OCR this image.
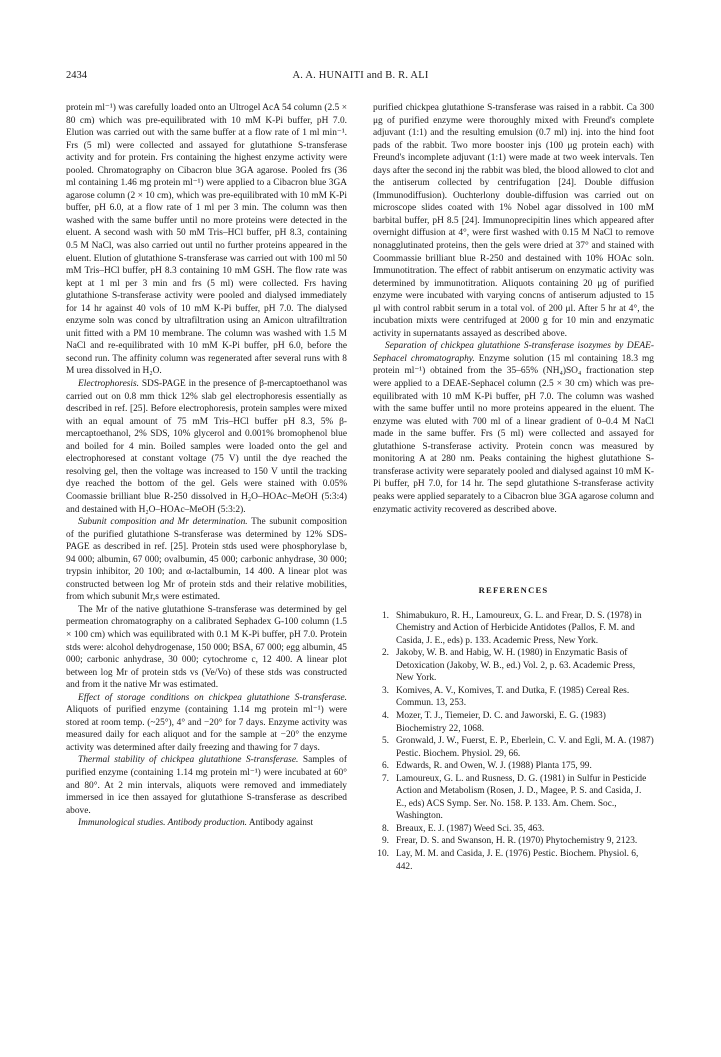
2434	A. A. HUNAITI and B. R. ALI

protein ml⁻¹) was carefully loaded onto an Ultrogel AcA 54 column (2.5 × 80 cm) which was pre-equilibrated with 10 mM K-Pi buffer, pH 7.0. Elution was carried out with the same buffer at a flow rate of 1 ml min⁻¹. Frs (5 ml) were collected and assayed for glutathione S-transferase activity and for protein. Frs containing the highest enzyme activity were pooled. Chromatography on Cibacron blue 3GA agarose. Pooled frs (36 ml containing 1.46 mg protein ml⁻¹) were applied to a Cibacron blue 3GA agarose column (2 × 10 cm), which was pre-equilibrated with 10 mM K-Pi buffer, pH 6.0, at a flow rate of 1 ml per 3 min. The column was then washed with the same buffer until no more proteins were detected in the eluent. A second wash with 50 mM Tris–HCl buffer, pH 8.3, containing 0.5 M NaCl, was also carried out until no further proteins appeared in the eluent. Elution of glutathione S-transferase was carried out with 100 ml 50 mM Tris–HCl buffer, pH 8.3 containing 10 mM GSH. The flow rate was kept at 1 ml per 3 min and frs (5 ml) were collected. Frs having glutathione S-transferase activity were pooled and dialysed immediately for 14 hr against 40 vols of 10 mM K-Pi buffer, pH 7.0. The dialysed enzyme soln was concd by ultrafiltration using an Amicon ultrafiltration unit fitted with a PM 10 membrane. The column was washed with 1.5 M NaCl and re-equilibrated with 10 mM K-Pi buffer, pH 6.0, before the second run. The affinity column was regenerated after several runs with 8 M urea dissolved in H₂O.

Electrophoresis. SDS-PAGE in the presence of β-mercaptoethanol was carried out on 0.8 mm thick 12% slab gel electrophoresis essentially as described in ref. [25]. Before electrophoresis, protein samples were mixed with an equal amount of 75 mM Tris–HCl buffer pH 8.3, 5% β-mercaptoethanol, 2% SDS, 10% glycerol and 0.001% bromophenol blue and boiled for 4 min. Boiled samples were loaded onto the gel and electrophoresed at constant voltage (75 V) until the dye reached the resolving gel, then the voltage was increased to 150 V until the tracking dye reached the bottom of the gel. Gels were stained with 0.05% Coomassie brilliant blue R-250 dissolved in H₂O–HOAc–MeOH (5:3:4) and destained with H₂O–HOAc–MeOH (5:3:2).

Subunit composition and Mr determination. The subunit composition of the purified glutathione S-transferase was determined by 12% SDS-PAGE as described in ref. [25]. Protein stds used were phosphorylase b, 94 000; albumin, 67 000; ovalbumin, 45 000; carbonic anhydrase, 30 000; trypsin inhibitor, 20 100; and α-lactalbumin, 14 400. A linear plot was constructed between log Mr of protein stds and their relative mobilities, from which subunit Mr,s were estimated.

The Mr of the native glutathione S-transferase was determined by gel permeation chromatography on a calibrated Sephadex G-100 column (1.5 × 100 cm) which was equilibrated with 0.1 M K-Pi buffer, pH 7.0. Protein stds were: alcohol dehydrogenase, 150 000; BSA, 67 000; egg albumin, 45 000; carbonic anhydrase, 30 000; cytochrome c, 12 400. A linear plot between log Mr of protein stds vs (Ve/Vo) of these stds was constructed and from it the native Mr was estimated.

Effect of storage conditions on chickpea glutathione S-transferase. Aliquots of purified enzyme (containing 1.14 mg protein ml⁻¹) were stored at room temp. (~25°), 4° and −20° for 7 days. Enzyme activity was measured daily for each aliquot and for the sample at −20° the enzyme activity was determined after daily freezing and thawing for 7 days.

Thermal stability of chickpea glutathione S-transferase. Samples of purified enzyme (containing 1.14 mg protein ml⁻¹) were incubated at 60° and 80°. At 2 min intervals, aliquots were removed and immediately immersed in ice then assayed for glutathione S-transferase as described above.

Immunological studies. Antibody production. Antibody against

purified chickpea glutathione S-transferase was raised in a rabbit. Ca 300 μg of purified enzyme were thoroughly mixed with Freund's complete adjuvant (1:1) and the resulting emulsion (0.7 ml) inj. into the hind foot pads of the rabbit. Two more booster injs (100 μg protein each) with Freund's incomplete adjuvant (1:1) were made at two week intervals. Ten days after the second inj the rabbit was bled, the blood allowed to clot and the antiserum collected by centrifugation [24]. Double diffusion (Immunodiffusion). Ouchterlony double-diffusion was carried out on microscope slides coated with 1% Nobel agar dissolved in 100 mM barbital buffer, pH 8.5 [24]. Immunoprecipitin lines which appeared after overnight diffusion at 4°, were first washed with 0.15 M NaCl to remove nonagglutinated proteins, then the gels were dried at 37° and stained with Coommassie brilliant blue R-250 and destained with 10% HOAc soln. Immunotitration. The effect of rabbit antiserum on enzymatic activity was determined by immunotitration. Aliquots containing 20 μg of purified enzyme were incubated with varying concns of antiserum adjusted to 15 μl with control rabbit serum in a total vol. of 200 μl. After 5 hr at 4°, the incubation mixts were centrifuged at 2000 g for 10 min and enzymatic activity in supernatants assayed as described above.

Separation of chickpea glutathione S-transferase isozymes by DEAE-Sephacel chromatography. Enzyme solution (15 ml containing 18.3 mg protein ml⁻¹) obtained from the 35–65% (NH₄)SO₄ fractionation step were applied to a DEAE-Sephacel column (2.5 × 30 cm) which was pre-equilibrated with 10 mM K-Pi buffer, pH 7.0. The column was washed with the same buffer until no more proteins appeared in the eluent. The enzyme was eluted with 700 ml of a linear gradient of 0–0.4 M NaCl made in the same buffer. Frs (5 ml) were collected and assayed for glutathione S-transferase activity. Protein concn was measured by monitoring A at 280 nm. Peaks containing the highest glutathione S-transferase activity were separately pooled and dialysed against 10 mM K-Pi buffer, pH 7.0, for 14 hr. The sepd glutathione S-transferase activity peaks were applied separately to a Cibacron blue 3GA agarose column and enzymatic activity recovered as described above.

REFERENCES
1. Shimabukuro, R. H., Lamoureux, G. L. and Frear, D. S. (1978) in Chemistry and Action of Herbicide Antidotes (Pallos, F. M. and Casida, J. E., eds) p. 133. Academic Press, New York.
2. Jakoby, W. B. and Habig, W. H. (1980) in Enzymatic Basis of Detoxication (Jakoby, W. B., ed.) Vol. 2, p. 63. Academic Press, New York.
3. Komives, A. V., Komives, T. and Dutka, F. (1985) Cereal Res. Commun. 13, 253.
4. Mozer, T. J., Tiemeier, D. C. and Jaworski, E. G. (1983) Biochemistry 22, 1068.
5. Gronwald, J. W., Fuerst, E. P., Eberlein, C. V. and Egli, M. A. (1987) Pestic. Biochem. Physiol. 29, 66.
6. Edwards, R. and Owen, W. J. (1988) Planta 175, 99.
7. Lamoureux, G. L. and Rusness, D. G. (1981) in Sulfur in Pesticide Action and Metabolism (Rosen, J. D., Magee, P. S. and Casida, J. E., eds) ACS Symp. Ser. No. 158. P. 133. Am. Chem. Soc., Washington.
8. Breaux, E. J. (1987) Weed Sci. 35, 463.
9. Frear, D. S. and Swanson, H. R. (1970) Phytochemistry 9, 2123.
10. Lay, M. M. and Casida, J. E. (1976) Pestic. Biochem. Physiol. 6, 442.
